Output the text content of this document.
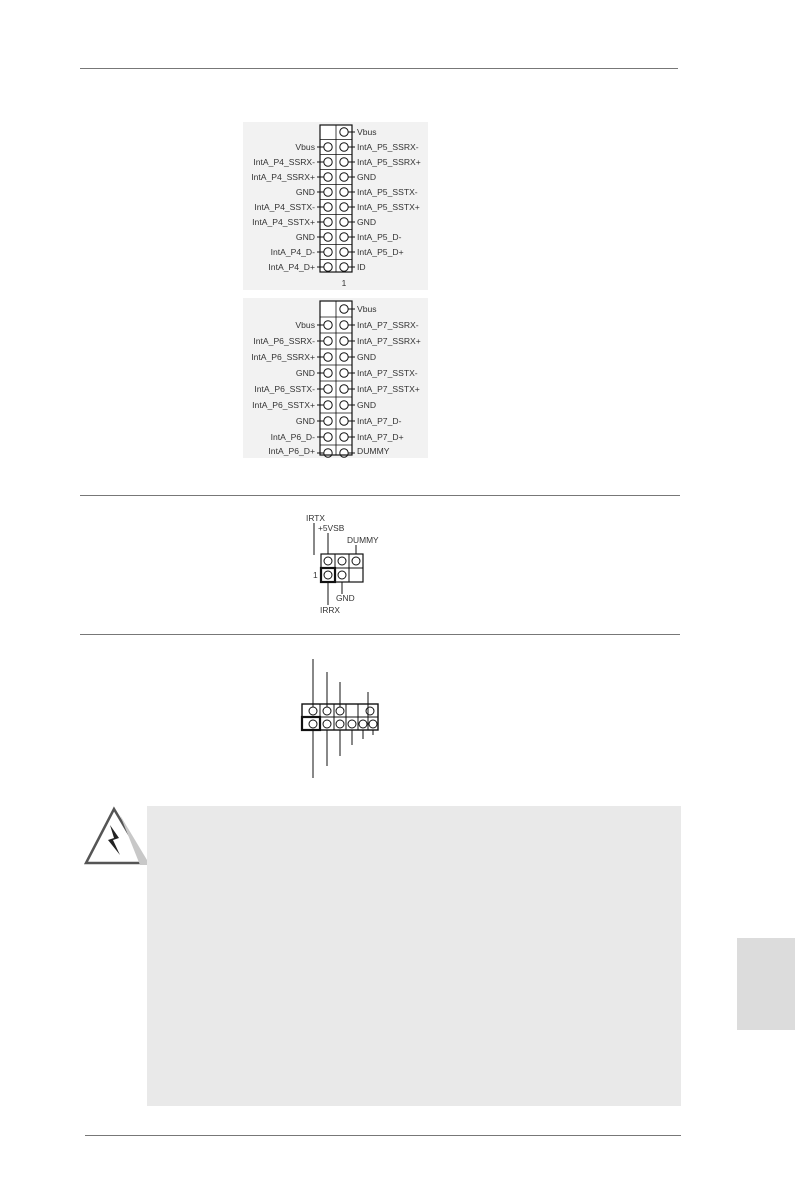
1
Vbus
IntA_P5_SSRX-
IntA_P5_SSRX+
GND
IntA_P5_SSTX-
IntA_P5_SSTX+
GND
IntA_P5_D-
IntA_P5_D+
ID
Vbus
IntA_P4_SSRX-
IntA_P4_SSRX+
GND
IntA_P4_SSTX-
IntA_P4_SSTX+
GND
IntA_P4_D-
IntA_P4_D+
Vbus
IntA_P7_SSRX-
IntA_P7_SSRX+
GND
IntA_P7_SSTX-
IntA_P7_SSTX+
GND
IntA_P7_D-
IntA_P7_D+
DUMMY
Vbus
IntA_P6_SSRX-
IntA_P6_SSRX+
GND
IntA_P6_SSTX-
IntA_P6_SSTX+
GND
IntA_P6_D-
IntA_P6_D+
IRTX
+5VSB
DUMMY
1
GND
IRRX
